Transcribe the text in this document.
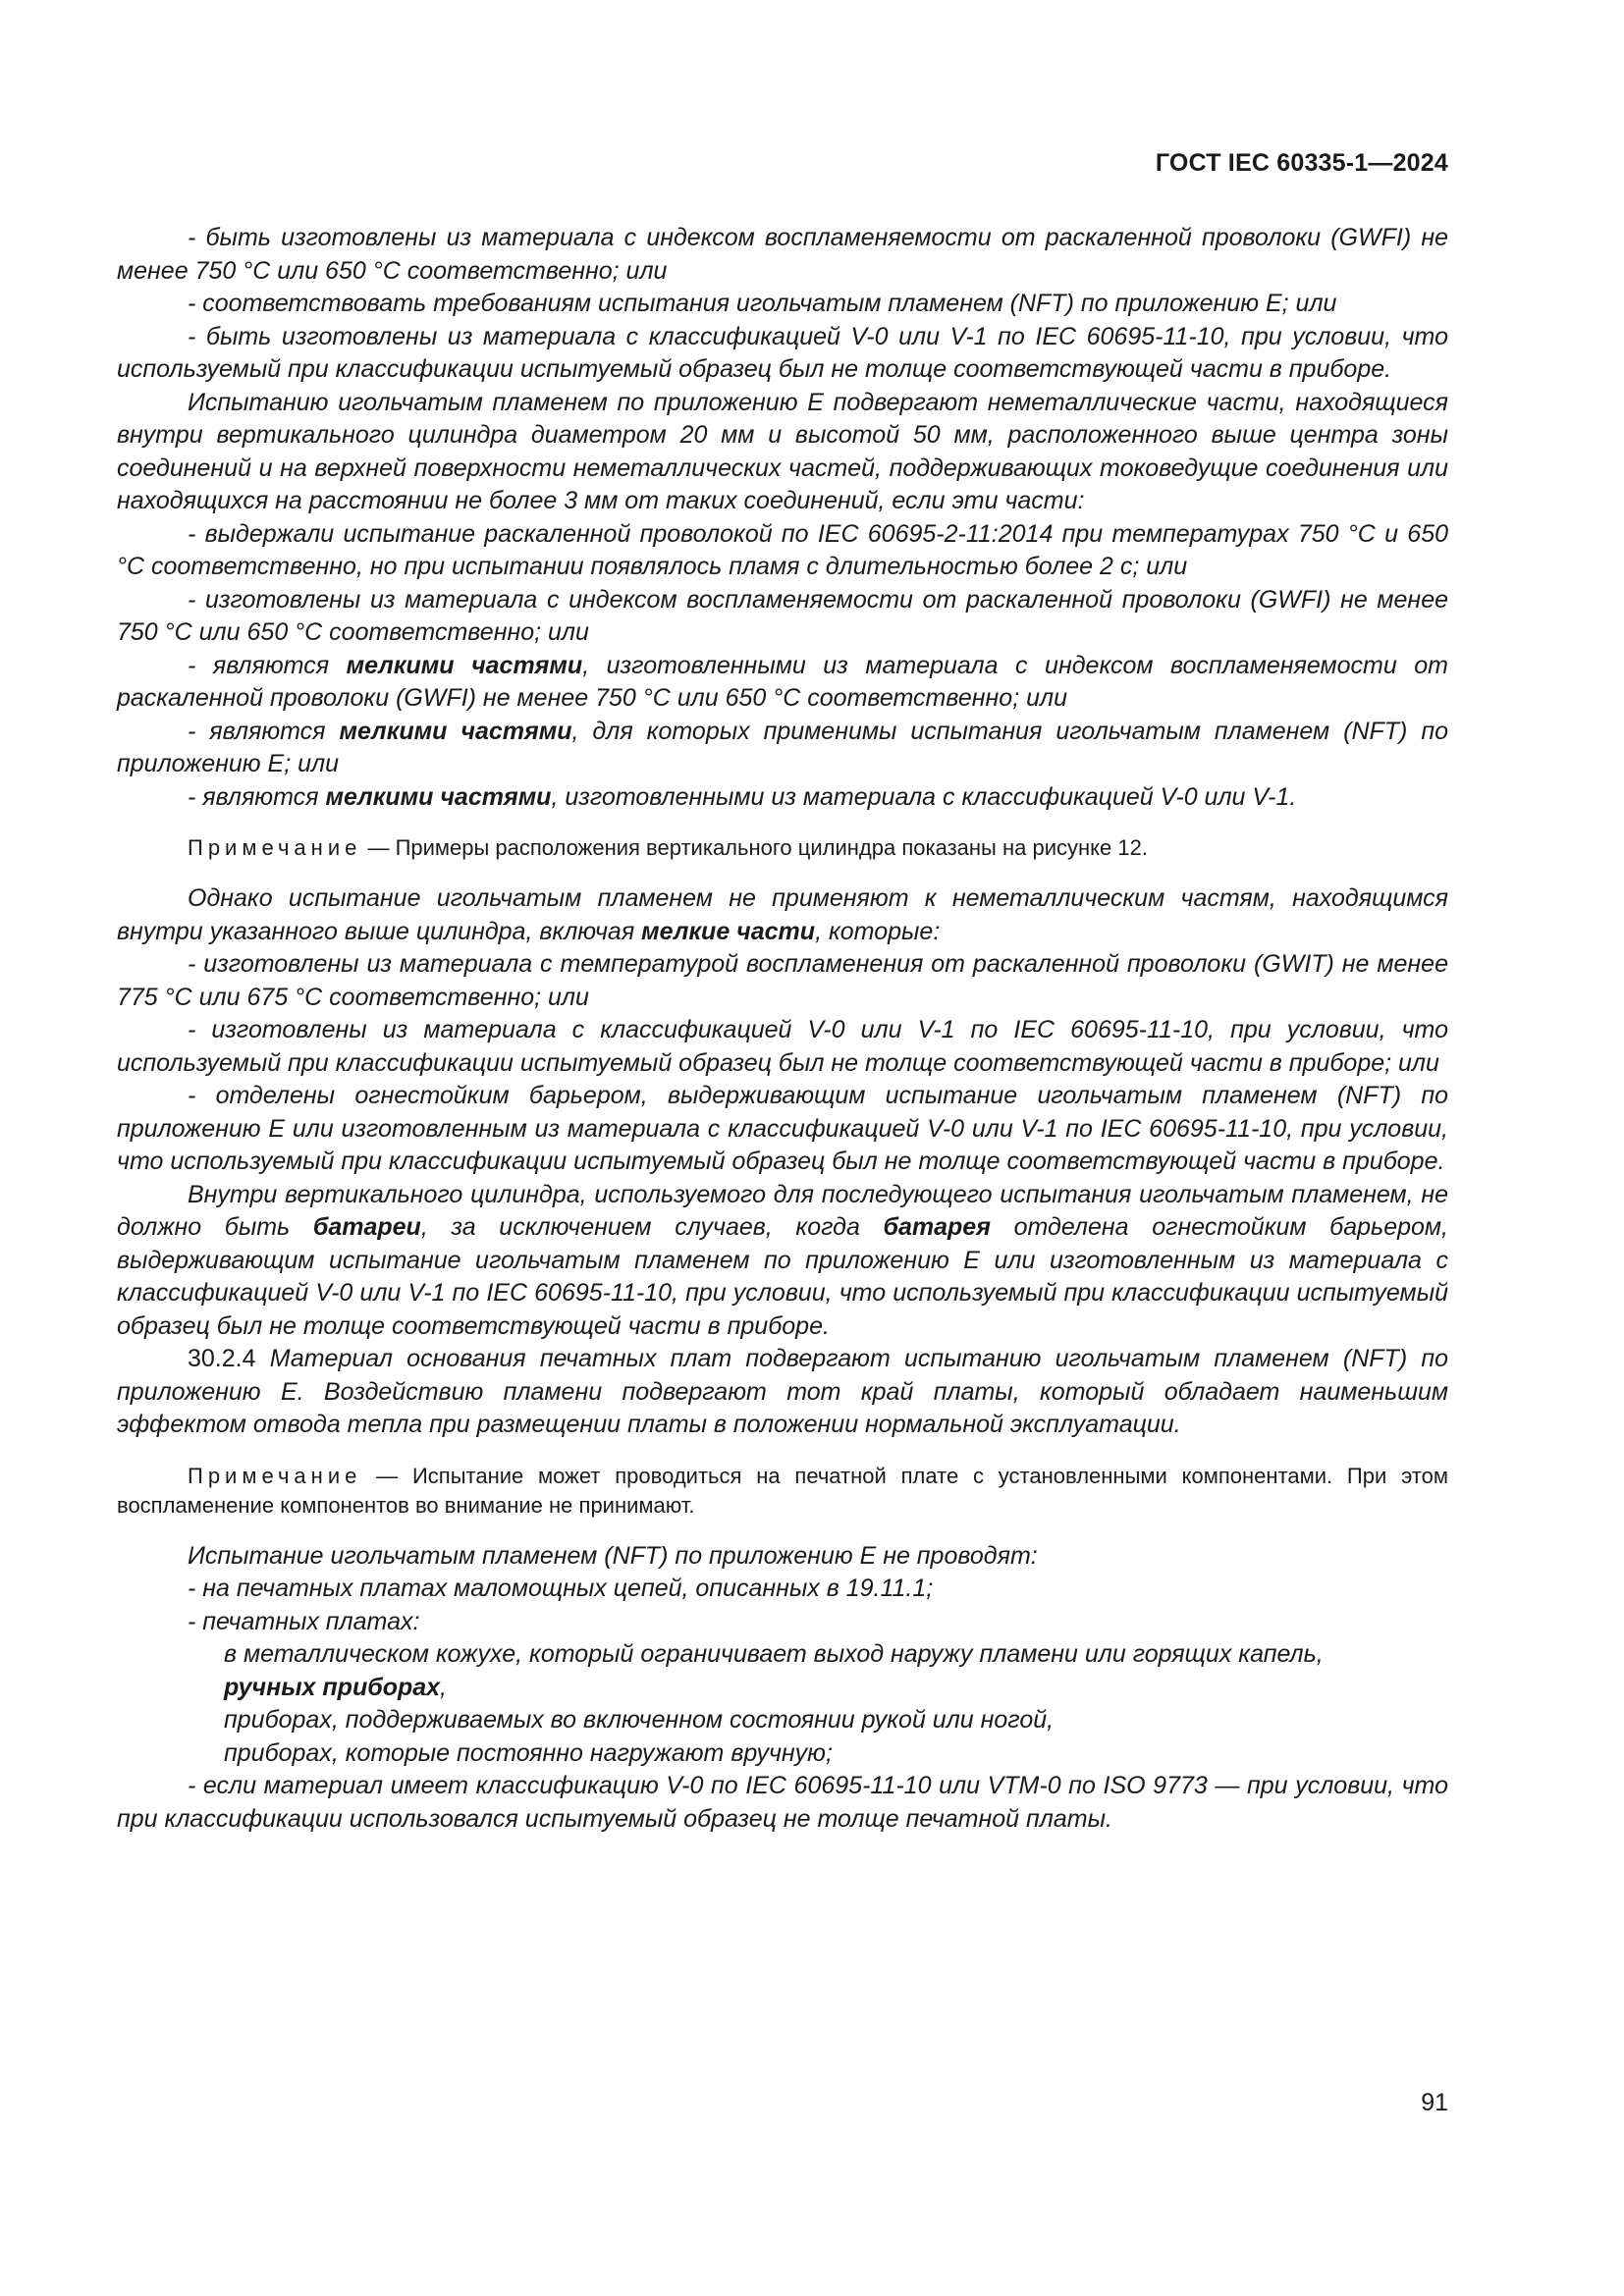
ГОСТ IEC 60335-1—2024

- быть изготовлены из материала с индексом воспламеняемости от раскаленной проволоки (GWFI) не менее 750 °С или 650 °С соответственно; или

- соответствовать требованиям испытания игольчатым пламенем (NFT) по приложению Е; или

- быть изготовлены из материала с классификацией V-0 или V-1 по IEC 60695-11-10, при условии, что используемый при классификации испытуемый образец был не толще соответствующей части в приборе.

Испытанию игольчатым пламенем по приложению Е подвергают неметаллические части, находящиеся внутри вертикального цилиндра диаметром 20 мм и высотой 50 мм, расположенного выше центра зоны соединений и на верхней поверхности неметаллических частей, поддерживающих токоведущие соединения или находящихся на расстоянии не более 3 мм от таких соединений, если эти части:

- выдержали испытание раскаленной проволокой по IEC 60695-2-11:2014 при температурах 750 °С и 650 °С соответственно, но при испытании появлялось пламя с длительностью более 2 с; или

- изготовлены из материала с индексом воспламеняемости от раскаленной проволоки (GWFI) не менее 750 °С или 650 °С соответственно; или

- являются мелкими частями, изготовленными из материала с индексом воспламеняемости от раскаленной проволоки (GWFI) не менее 750 °С или 650 °С соответственно; или

- являются мелкими частями, для которых применимы испытания игольчатым пламенем (NFT) по приложению Е; или

- являются мелкими частями, изготовленными из материала с классификацией V-0 или V-1.

Примечание — Примеры расположения вертикального цилиндра показаны на рисунке 12.

Однако испытание игольчатым пламенем не применяют к неметаллическим частям, находящимся внутри указанного выше цилиндра, включая мелкие части, которые:

- изготовлены из материала с температурой воспламенения от раскаленной проволоки (GWIT) не менее 775 °С или 675 °С соответственно; или

- изготовлены из материала с классификацией V-0 или V-1 по IEC 60695-11-10, при условии, что используемый при классификации испытуемый образец был не толще соответствующей части в приборе; или

- отделены огнестойким барьером, выдерживающим испытание игольчатым пламенем (NFT) по приложению Е или изготовленным из материала с классификацией V-0 или V-1 по IEC 60695-11-10, при условии, что используемый при классификации испытуемый образец был не толще соответствующей части в приборе.

Внутри вертикального цилиндра, используемого для последующего испытания игольчатым пламенем, не должно быть батареи, за исключением случаев, когда батарея отделена огнестойким барьером, выдерживающим испытание игольчатым пламенем по приложению Е или изготовленным из материала с классификацией V-0 или V-1 по IEC 60695-11-10, при условии, что используемый при классификации испытуемый образец был не толще соответствующей части в приборе.

30.2.4 Материал основания печатных плат подвергают испытанию игольчатым пламенем (NFT) по приложению Е. Воздействию пламени подвергают тот край платы, который обладает наименьшим эффектом отвода тепла при размещении платы в положении нормальной эксплуатации.

Примечание — Испытание может проводиться на печатной плате с установленными компонентами. При этом воспламенение компонентов во внимание не принимают.

Испытание игольчатым пламенем (NFT) по приложению Е не проводят:

- на печатных платах маломощных цепей, описанных в 19.11.1;

- печатных платах:

в металлическом кожухе, который ограничивает выход наружу пламени или горящих капель,

ручных приборах,

приборах, поддерживаемых во включенном состоянии рукой или ногой,

приборах, которые постоянно нагружают вручную;

- если материал имеет классификацию V-0 по IEC 60695-11-10 или VTM-0 по ISO 9773 — при условии, что при классификации использовался испытуемый образец не толще печатной платы.

91
